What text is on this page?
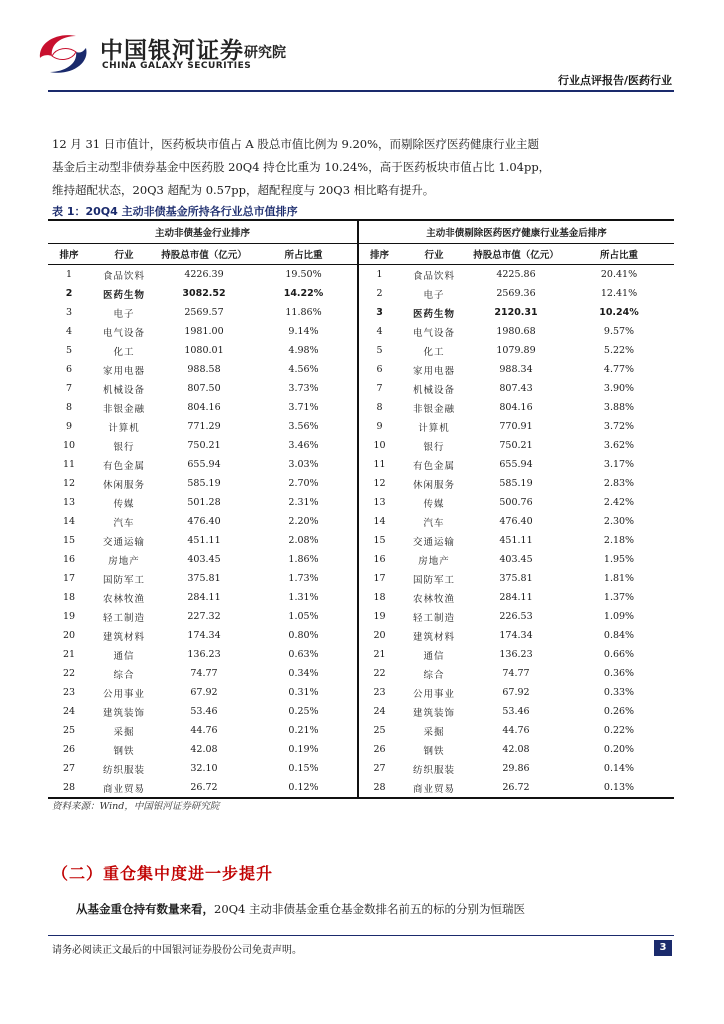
中国银河证券
CHINA GALAXY SECURITIES
研究院
行业点评报告/医药行业

12 月 31 日市值计，医药板块市值占 A 股总市值比例为 9.20%，而剔除医疗医药健康行业主题

基金后主动型非债券基金中医药股 20Q4 持仓比重为 10.24%，高于医药板块市值占比 1.04pp，

维持超配状态，20Q3 超配为 0.57pp，超配程度与 20Q3 相比略有提升。

表 1：20Q4 主动非债基金所持各行业总市值排序
主动非债基金行业排序				主动非债剔除医药医疗健康行业基金后排序			
排序	行业	持股总市值（亿元）	所占比重	排序	行业	持股总市值（亿元）	所占比重
1	食品饮料	4226.39	19.50%	1	食品饮料	4225.86	20.41%
2	医药生物	3082.52	14.22%	2	电子	2569.36	12.41%
3	电子	2569.57	11.86%	3	医药生物	2120.31	10.24%
4	电气设备	1981.00	9.14%	4	电气设备	1980.68	9.57%
5	化工	1080.01	4.98%	5	化工	1079.89	5.22%
6	家用电器	988.58	4.56%	6	家用电器	988.34	4.77%
7	机械设备	807.50	3.73%	7	机械设备	807.43	3.90%
8	非银金融	804.16	3.71%	8	非银金融	804.16	3.88%
9	计算机	771.29	3.56%	9	计算机	770.91	3.72%
10	银行	750.21	3.46%	10	银行	750.21	3.62%
11	有色金属	655.94	3.03%	11	有色金属	655.94	3.17%
12	休闲服务	585.19	2.70%	12	休闲服务	585.19	2.83%
13	传媒	501.28	2.31%	13	传媒	500.76	2.42%
14	汽车	476.40	2.20%	14	汽车	476.40	2.30%
15	交通运输	451.11	2.08%	15	交通运输	451.11	2.18%
16	房地产	403.45	1.86%	16	房地产	403.45	1.95%
17	国防军工	375.81	1.73%	17	国防军工	375.81	1.81%
18	农林牧渔	284.11	1.31%	18	农林牧渔	284.11	1.37%
19	轻工制造	227.32	1.05%	19	轻工制造	226.53	1.09%
20	建筑材料	174.34	0.80%	20	建筑材料	174.34	0.84%
21	通信	136.23	0.63%	21	通信	136.23	0.66%
22	综合	74.77	0.34%	22	综合	74.77	0.36%
23	公用事业	67.92	0.31%	23	公用事业	67.92	0.33%
24	建筑装饰	53.46	0.25%	24	建筑装饰	53.46	0.26%
25	采掘	44.76	0.21%	25	采掘	44.76	0.22%
26	钢铁	42.08	0.19%	26	钢铁	42.08	0.20%
27	纺织服装	32.10	0.15%	27	纺织服装	29.86	0.14%
28	商业贸易	26.72	0.12%	28	商业贸易	26.72	0.13%
资料来源：Wind，中国银河证券研究院
（二）重仓集中度进一步提升
从基金重仓持有数量来看，20Q4 主动非债基金重仓基金数排名前五的标的分别为恒瑞医
请务必阅读正文最后的中国银河证券股份公司免责声明。	3
